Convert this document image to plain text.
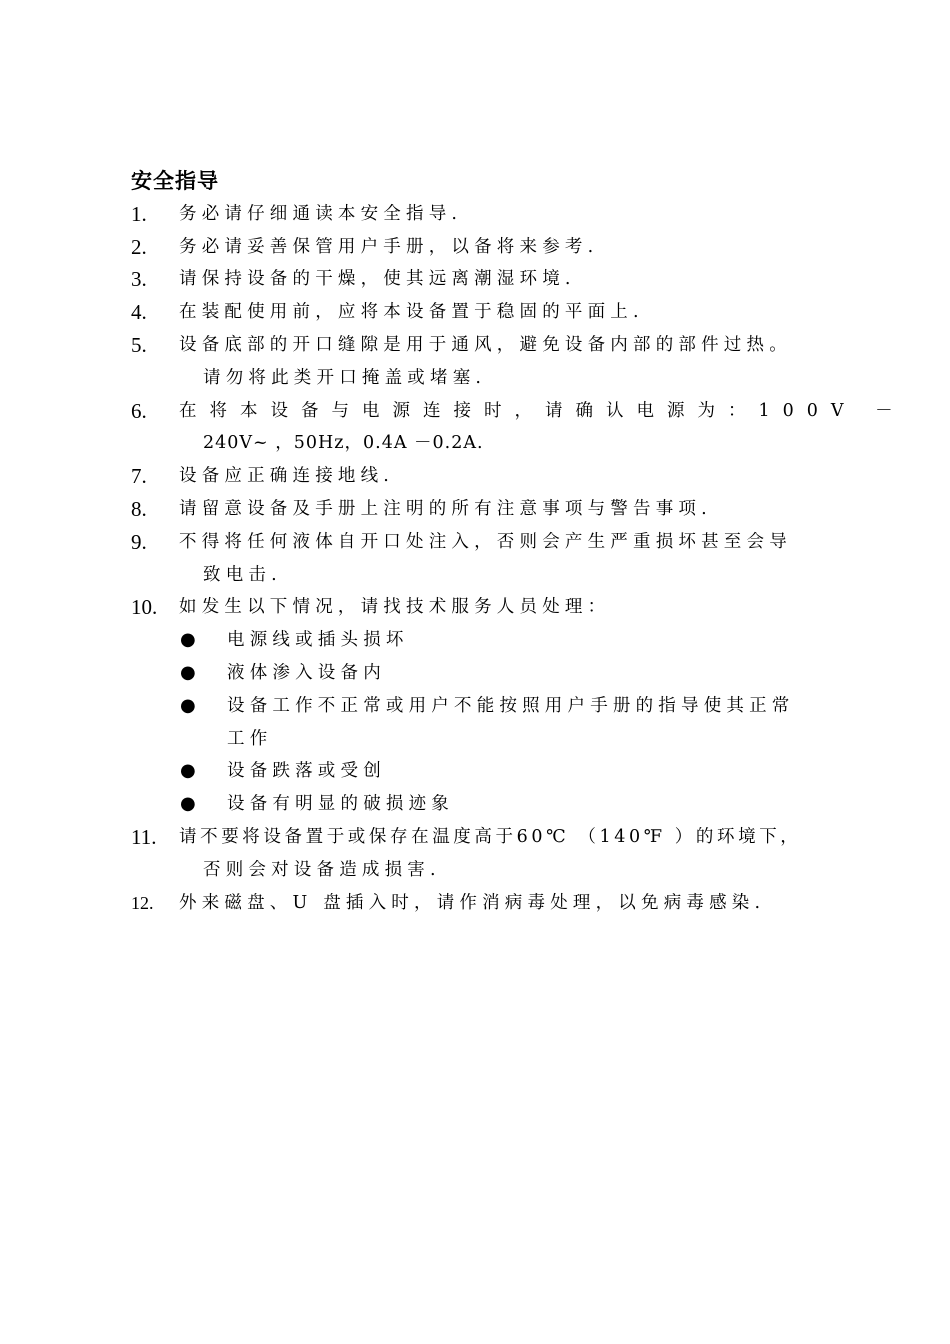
安全指导
1.	务必请仔细通读本安全指导.
2.	务必请妥善保管用户手册，以备将来参考.
3.	请保持设备的干燥，使其远离潮湿环境.
4.	在装配使用前，应将本设备置于稳固的平面上.
5.	设备底部的开口缝隙是用于通风，避免设备内部的部件过热。
请勿将此类开口掩盖或堵塞.
6.	在将本设备与电源连接时，请确认电源为：100V －
240V~ ，50Hz，0.4A －0.2A.
7.	设备应正确连接地线.
8.	请留意设备及手册上注明的所有注意事项与警告事项.
9.	不得将任何液体自开口处注入，否则会产生严重损坏甚至会导
致电击.
10.	如发生以下情况，请找技术服务人员处理：
● 电源线或插头损坏
● 液体渗入设备内
● 设备工作不正常或用户不能按照用户手册的指导使其正常
工作
● 设备跌落或受创
● 设备有明显的破损迹象
11.	请不要将设备置于或保存在温度高于60℃ （140℉ ）的环境下，
否则会对设备造成损害.
12.	外来磁盘、U 盘插入时，请作消病毒处理，以免病毒感染.
